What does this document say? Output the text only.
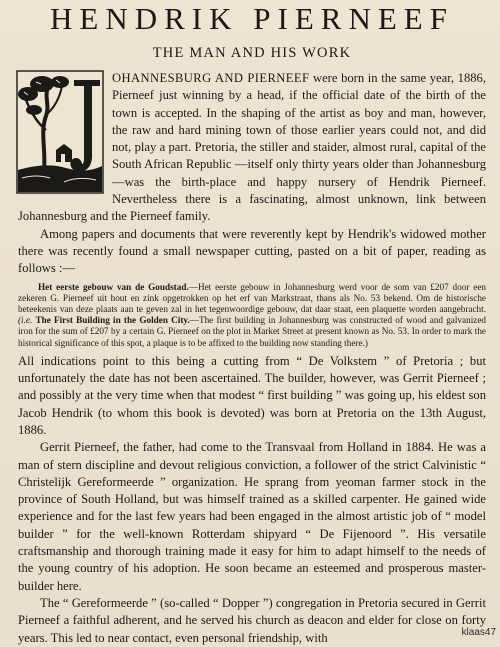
HENDRIK PIERNEEF
THE MAN AND HIS WORK

OHANNESBURG AND PIERNEEF were born in the same year, 1886, Pierneef just winning by a head, if the official date of the birth of the town is accepted. In the shaping of the artist as boy and man, however, the raw and hard mining town of those earlier years could not, and did not, play a part. Pretoria, the stiller and staider, almost rural, capital of the South African Republic —itself only thirty years older than Johannesburg—was the birth-place and happy nursery of Hendrik Pierneef. Nevertheless there is a fascinating, almost unknown, link between Johannesburg and the Pierneef family.

Among papers and documents that were reverently kept by Hendrik's widowed mother there was recently found a small newspaper cutting, pasted on a bit of paper, reading as follows :—

Het eerste gebouw van de Goudstad.—Het eerste gebouw in Johannesburg werd voor de som van £207 door een zekeren G. Pierneef uit hout en zink opgetrokken op het erf van Markstraat, thans als No. 53 bekend. Om de historische beteekenis van deze plaats aan te geven zal in het tegenwoordige gebouw, dat daar staat, een plaquette worden aangebracht. (i.e. The First Building in the Golden City.—The first building in Johannesburg was constructed of wood and galvanized iron for the sum of £207 by a certain G. Pierneef on the plot in Market Street at present known as No. 53. In order to mark the historical significance of this spot, a plaque is to be affixed to the building now standing there.)

All indications point to this being a cutting from “ De Volkstem ” of Pretoria ; but unfortunately the date has not been ascertained. The builder, however, was Gerrit Pierneef ; and possibly at the very time when that modest “ first building ” was going up, his eldest son Jacob Hendrik (to whom this book is devoted) was born at Pretoria on the 13th August, 1886.

Gerrit Pierneef, the father, had come to the Transvaal from Holland in 1884. He was a man of stern discipline and devout religious conviction, a follower of the strict Calvinistic “ Christelijk Gereformeerde ” organization. He sprang from yeoman farmer stock in the province of South Holland, but was himself trained as a skilled carpenter. He gained wide experience and for the last few years had been engaged in the almost artistic job of “ model builder ” for the well-known Rotterdam shipyard “ De Fijenoord ”. His versatile craftsmanship and thorough training made it easy for him to adapt himself to the needs of the young country of his adoption. He soon became an esteemed and prosperous master-builder here.

The “ Gereformeerde ” (so-called “ Dopper ”) congregation in Pretoria secured in Gerrit Pierneef a faithful adherent, and he served his church as deacon and elder for close on forty years. This led to near contact, even personal friendship, with	klaas47
